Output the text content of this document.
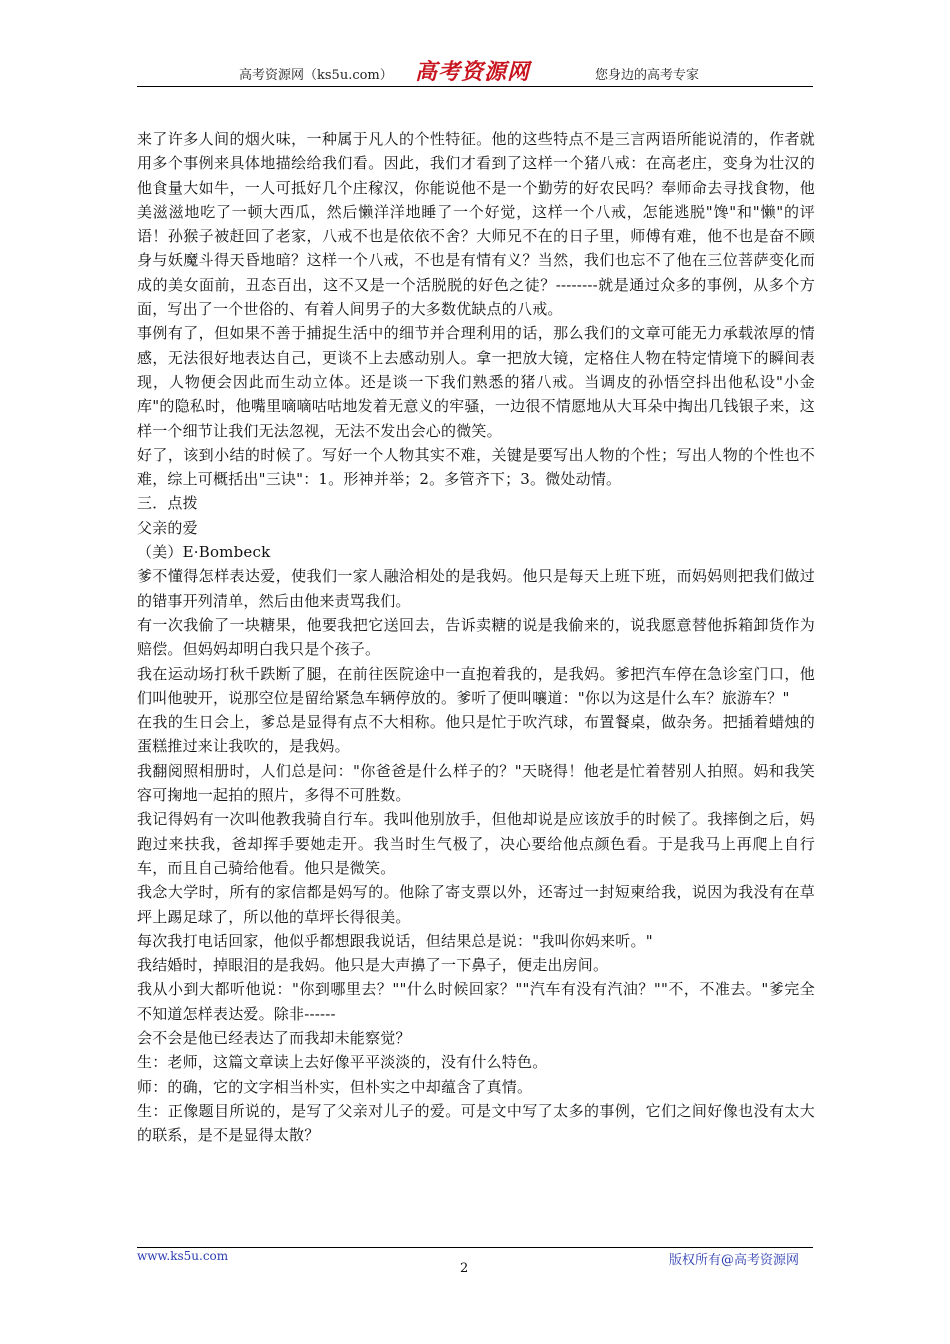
高考资源网（ks5u.com） 高考资源网	您身边的高考专家

来了许多人间的烟火味，一种属于凡人的个性特征。他的这些特点不是三言两语所能说清的，作者就用多个事例来具体地描绘给我们看。因此，我们才看到了这样一个猪八戒：在高老庄，变身为壮汉的他食量大如牛，一人可抵好几个庄稼汉，你能说他不是一个勤劳的好农民吗？奉师命去寻找食物，他美滋滋地吃了一顿大西瓜，然后懒洋洋地睡了一个好觉，这样一个八戒，怎能逃脱"馋"和"懒"的评语！孙猴子被赶回了老家，八戒不也是依依不舍？大师兄不在的日子里，师傅有难，他不也是奋不顾身与妖魔斗得天昏地暗？这样一个八戒，不也是有情有义？当然，我们也忘不了他在三位菩萨变化而成的美女面前，丑态百出，这不又是一个活脱脱的好色之徒？--------就是通过众多的事例，从多个方面，写出了一个世俗的、有着人间男子的大多数优缺点的八戒。

事例有了，但如果不善于捕捉生活中的细节并合理利用的话，那么我们的文章可能无力承载浓厚的情感，无法很好地表达自己，更谈不上去感动别人。拿一把放大镜，定格住人物在特定情境下的瞬间表现，人物便会因此而生动立体。还是谈一下我们熟悉的猪八戒。当调皮的孙悟空抖出他私设"小金库"的隐私时，他嘴里嘀嘀咕咕地发着无意义的牢骚，一边很不情愿地从大耳朵中掏出几钱银子来，这样一个细节让我们无法忽视，无法不发出会心的微笑。

好了，该到小结的时候了。写好一个人物其实不难，关键是要写出人物的个性；写出人物的个性也不难，综上可概括出"三诀"：1。形神并举；2。多管齐下；3。微处动情。

三．点拨

父亲的爱

（美）E·Bombeck

爹不懂得怎样表达爱，使我们一家人融洽相处的是我妈。他只是每天上班下班，而妈妈则把我们做过的错事开列清单，然后由他来责骂我们。

有一次我偷了一块糖果，他要我把它送回去，告诉卖糖的说是我偷来的，说我愿意替他拆箱卸货作为赔偿。但妈妈却明白我只是个孩子。

我在运动场打秋千跌断了腿，在前往医院途中一直抱着我的，是我妈。爹把汽车停在急诊室门口，他们叫他驶开，说那空位是留给紧急车辆停放的。爹听了便叫嚷道："你以为这是什么车？旅游车？"

在我的生日会上，爹总是显得有点不大相称。他只是忙于吹汽球，布置餐桌，做杂务。把插着蜡烛的蛋糕推过来让我吹的，是我妈。

我翻阅照相册时，人们总是问："你爸爸是什么样子的？"天晓得！他老是忙着替别人拍照。妈和我笑容可掬地一起拍的照片，多得不可胜数。

我记得妈有一次叫他教我骑自行车。我叫他别放手，但他却说是应该放手的时候了。我摔倒之后，妈跑过来扶我，爸却挥手要她走开。我当时生气极了，决心要给他点颜色看。于是我马上再爬上自行车，而且自己骑给他看。他只是微笑。

我念大学时，所有的家信都是妈写的。他除了寄支票以外，还寄过一封短柬给我，说因为我没有在草坪上踢足球了，所以他的草坪长得很美。

每次我打电话回家，他似乎都想跟我说话，但结果总是说："我叫你妈来听。"

我结婚时，掉眼泪的是我妈。他只是大声擤了一下鼻子，便走出房间。

我从小到大都听他说："你到哪里去？""什么时候回家？""汽车有没有汽油？""不，不准去。"爹完全不知道怎样表达爱。除非------

会不会是他已经表达了而我却未能察觉？

生：老师，这篇文章读上去好像平平淡淡的，没有什么特色。

师：的确，它的文字相当朴实，但朴实之中却蕴含了真情。

生：正像题目所说的，是写了父亲对儿子的爱。可是文中写了太多的事例，它们之间好像也没有太大的联系，是不是显得太散？

www.ks5u.com
2
版权所有@高考资源网
